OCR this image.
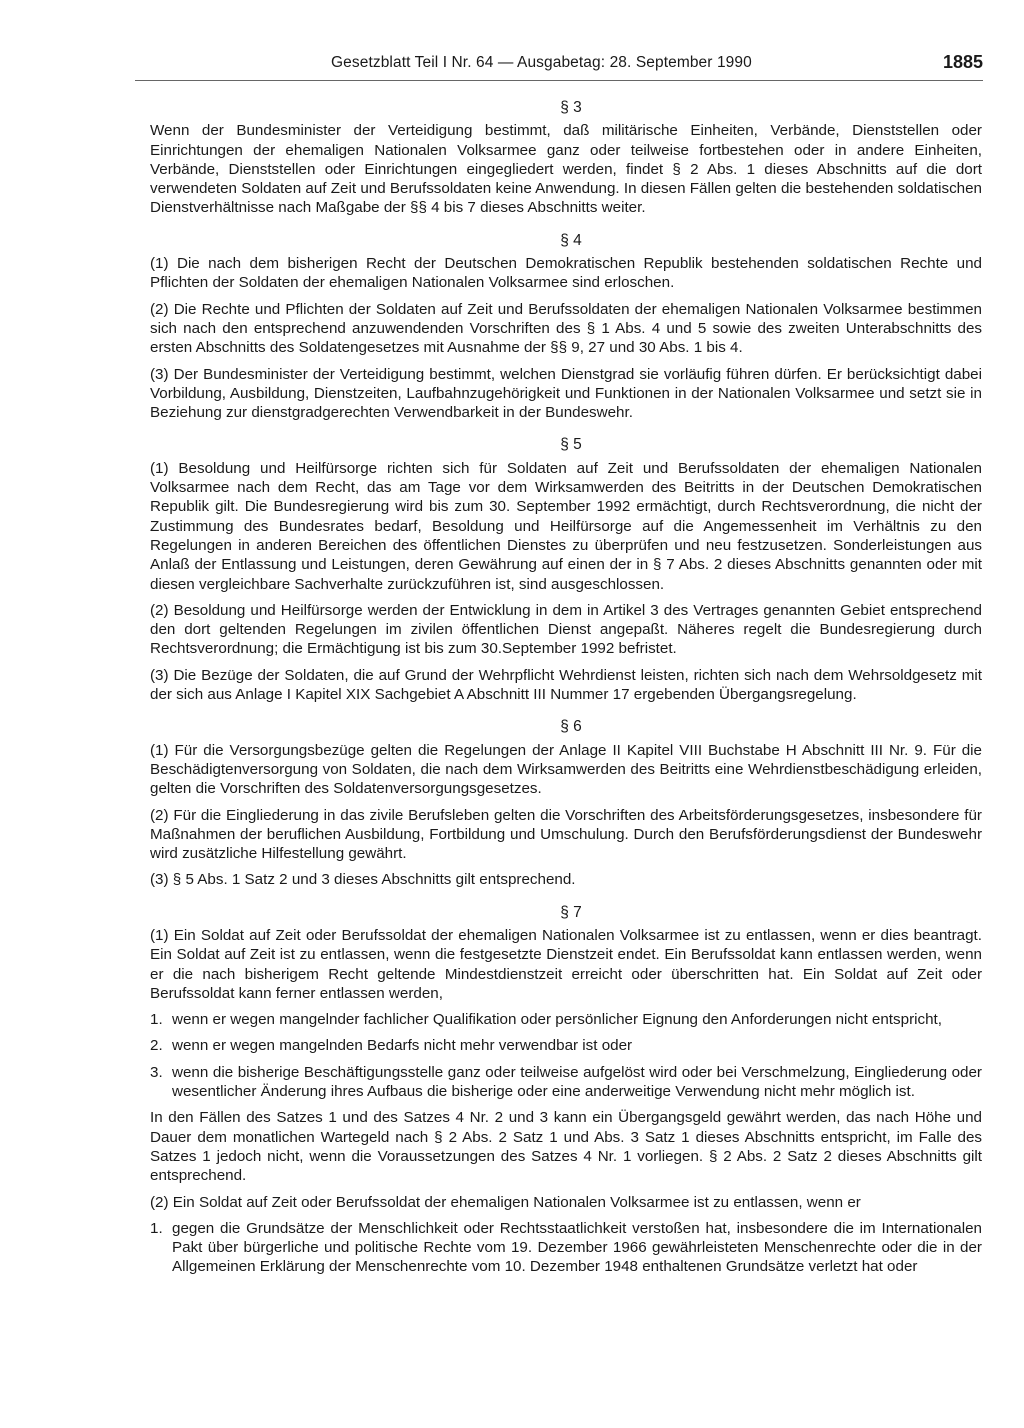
Gesetzblatt Teil I Nr. 64 — Ausgabetag: 28. September 1990	1885
§ 3

Wenn der Bundesminister der Verteidigung bestimmt, daß militärische Einheiten, Verbände, Dienststellen oder Einrichtungen der ehemaligen Nationalen Volksarmee ganz oder teilweise fortbestehen oder in andere Einheiten, Verbände, Dienststellen oder Einrichtungen eingegliedert werden, findet § 2 Abs. 1 dieses Abschnitts auf die dort verwendeten Soldaten auf Zeit und Berufssoldaten keine Anwendung. In diesen Fällen gelten die bestehenden soldatischen Dienstverhältnisse nach Maßgabe der §§ 4 bis 7 dieses Abschnitts weiter.

§ 4

(1) Die nach dem bisherigen Recht der Deutschen Demokratischen Republik bestehenden soldatischen Rechte und Pflichten der Soldaten der ehemaligen Nationalen Volksarmee sind erloschen.

(2) Die Rechte und Pflichten der Soldaten auf Zeit und Berufssoldaten der ehemaligen Nationalen Volksarmee bestimmen sich nach den entsprechend anzuwendenden Vorschriften des § 1 Abs. 4 und 5 sowie des zweiten Unterabschnitts des ersten Abschnitts des Soldatengesetzes mit Ausnahme der §§ 9, 27 und 30 Abs. 1 bis 4.

(3) Der Bundesminister der Verteidigung bestimmt, welchen Dienstgrad sie vorläufig führen dürfen. Er berücksichtigt dabei Vorbildung, Ausbildung, Dienstzeiten, Laufbahnzugehörigkeit und Funktionen in der Nationalen Volksarmee und setzt sie in Beziehung zur dienstgradgerechten Verwendbarkeit in der Bundeswehr.

§ 5

(1) Besoldung und Heilfürsorge richten sich für Soldaten auf Zeit und Berufssoldaten der ehemaligen Nationalen Volksarmee nach dem Recht, das am Tage vor dem Wirksamwerden des Beitritts in der Deutschen Demokratischen Republik gilt. Die Bundesregierung wird bis zum 30. September 1992 ermächtigt, durch Rechtsverordnung, die nicht der Zustimmung des Bundesrates bedarf, Besoldung und Heilfürsorge auf die Angemessenheit im Verhältnis zu den Regelungen in anderen Bereichen des öffentlichen Dienstes zu überprüfen und neu festzusetzen. Sonderleistungen aus Anlaß der Entlassung und Leistungen, deren Gewährung auf einen der in § 7 Abs. 2 dieses Abschnitts genannten oder mit diesen vergleichbare Sachverhalte zurückzuführen ist, sind ausgeschlossen.

(2) Besoldung und Heilfürsorge werden der Entwicklung in dem in Artikel 3 des Vertrages genannten Gebiet entsprechend den dort geltenden Regelungen im zivilen öffentlichen Dienst angepaßt. Näheres regelt die Bundesregierung durch Rechtsverordnung; die Ermächtigung ist bis zum 30.September 1992 befristet.

(3) Die Bezüge der Soldaten, die auf Grund der Wehrpflicht Wehrdienst leisten, richten sich nach dem Wehrsoldgesetz mit der sich aus Anlage I Kapitel XIX Sachgebiet A Abschnitt III Nummer 17 ergebenden Übergangsregelung.

§ 6

(1) Für die Versorgungsbezüge gelten die Regelungen der Anlage II Kapitel VIII Buchstabe H Abschnitt III Nr. 9. Für die Beschädigtenversorgung von Soldaten, die nach dem Wirksamwerden des Beitritts eine Wehrdienstbeschädigung erleiden, gelten die Vorschriften des Soldatenversorgungsgesetzes.

(2) Für die Eingliederung in das zivile Berufsleben gelten die Vorschriften des Arbeitsförderungsgesetzes, insbesondere für Maßnahmen der beruflichen Ausbildung, Fortbildung und Umschulung. Durch den Berufsförderungsdienst der Bundeswehr wird zusätzliche Hilfestellung gewährt.

(3) § 5 Abs. 1 Satz 2 und 3 dieses Abschnitts gilt entsprechend.

§ 7

(1) Ein Soldat auf Zeit oder Berufssoldat der ehemaligen Nationalen Volksarmee ist zu entlassen, wenn er dies beantragt. Ein Soldat auf Zeit ist zu entlassen, wenn die festgesetzte Dienstzeit endet. Ein Berufssoldat kann entlassen werden, wenn er die nach bisherigem Recht geltende Mindestdienstzeit erreicht oder überschritten hat. Ein Soldat auf Zeit oder Berufssoldat kann ferner entlassen werden,

1. wenn er wegen mangelnder fachlicher Qualifikation oder persönlicher Eignung den Anforderungen nicht entspricht,
2. wenn er wegen mangelnden Bedarfs nicht mehr verwendbar ist oder
3. wenn die bisherige Beschäftigungsstelle ganz oder teilweise aufgelöst wird oder bei Verschmelzung, Eingliederung oder wesentlicher Änderung ihres Aufbaus die bisherige oder eine anderweitige Verwendung nicht mehr möglich ist.

In den Fällen des Satzes 1 und des Satzes 4 Nr. 2 und 3 kann ein Übergangsgeld gewährt werden, das nach Höhe und Dauer dem monatlichen Wartegeld nach § 2 Abs. 2 Satz 1 und Abs. 3 Satz 1 dieses Abschnitts entspricht, im Falle des Satzes 1 jedoch nicht, wenn die Voraussetzungen des Satzes 4 Nr. 1 vorliegen. § 2 Abs. 2 Satz 2 dieses Abschnitts gilt entsprechend.

(2) Ein Soldat auf Zeit oder Berufssoldat der ehemaligen Nationalen Volksarmee ist zu entlassen, wenn er

1. gegen die Grundsätze der Menschlichkeit oder Rechtsstaatlichkeit verstoßen hat, insbesondere die im Internationalen Pakt über bürgerliche und politische Rechte vom 19. Dezember 1966 gewährleisteten Menschenrechte oder die in der Allgemeinen Erklärung der Menschenrechte vom 10. Dezember 1948 enthaltenen Grundsätze verletzt hat oder
